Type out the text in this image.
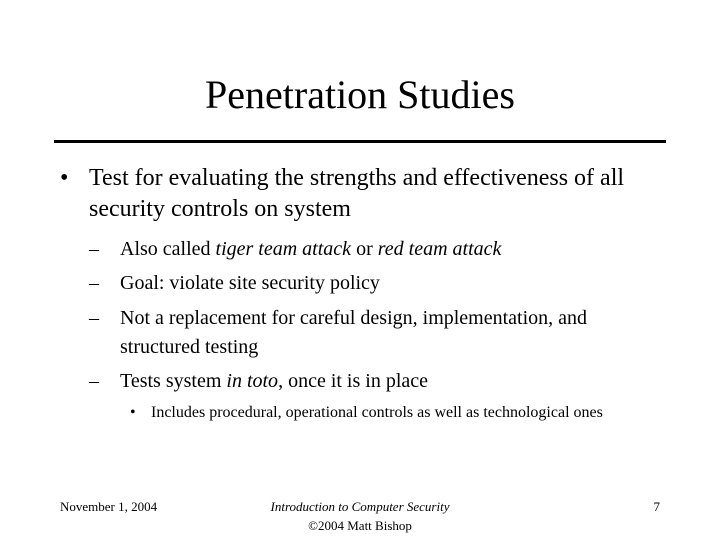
Penetration Studies
• Test for evaluating the strengths and effectiveness of all security controls on system
–	Also called tiger team attack or red team attack
–	Goal: violate site security policy
–	Not a replacement for careful design, implementation, and structured testing
–	Tests system in toto, once it is in place
• Includes procedural, operational controls as well as technological ones
November 1, 2004	Introduction to Computer Security
©2004 Matt Bishop
7
